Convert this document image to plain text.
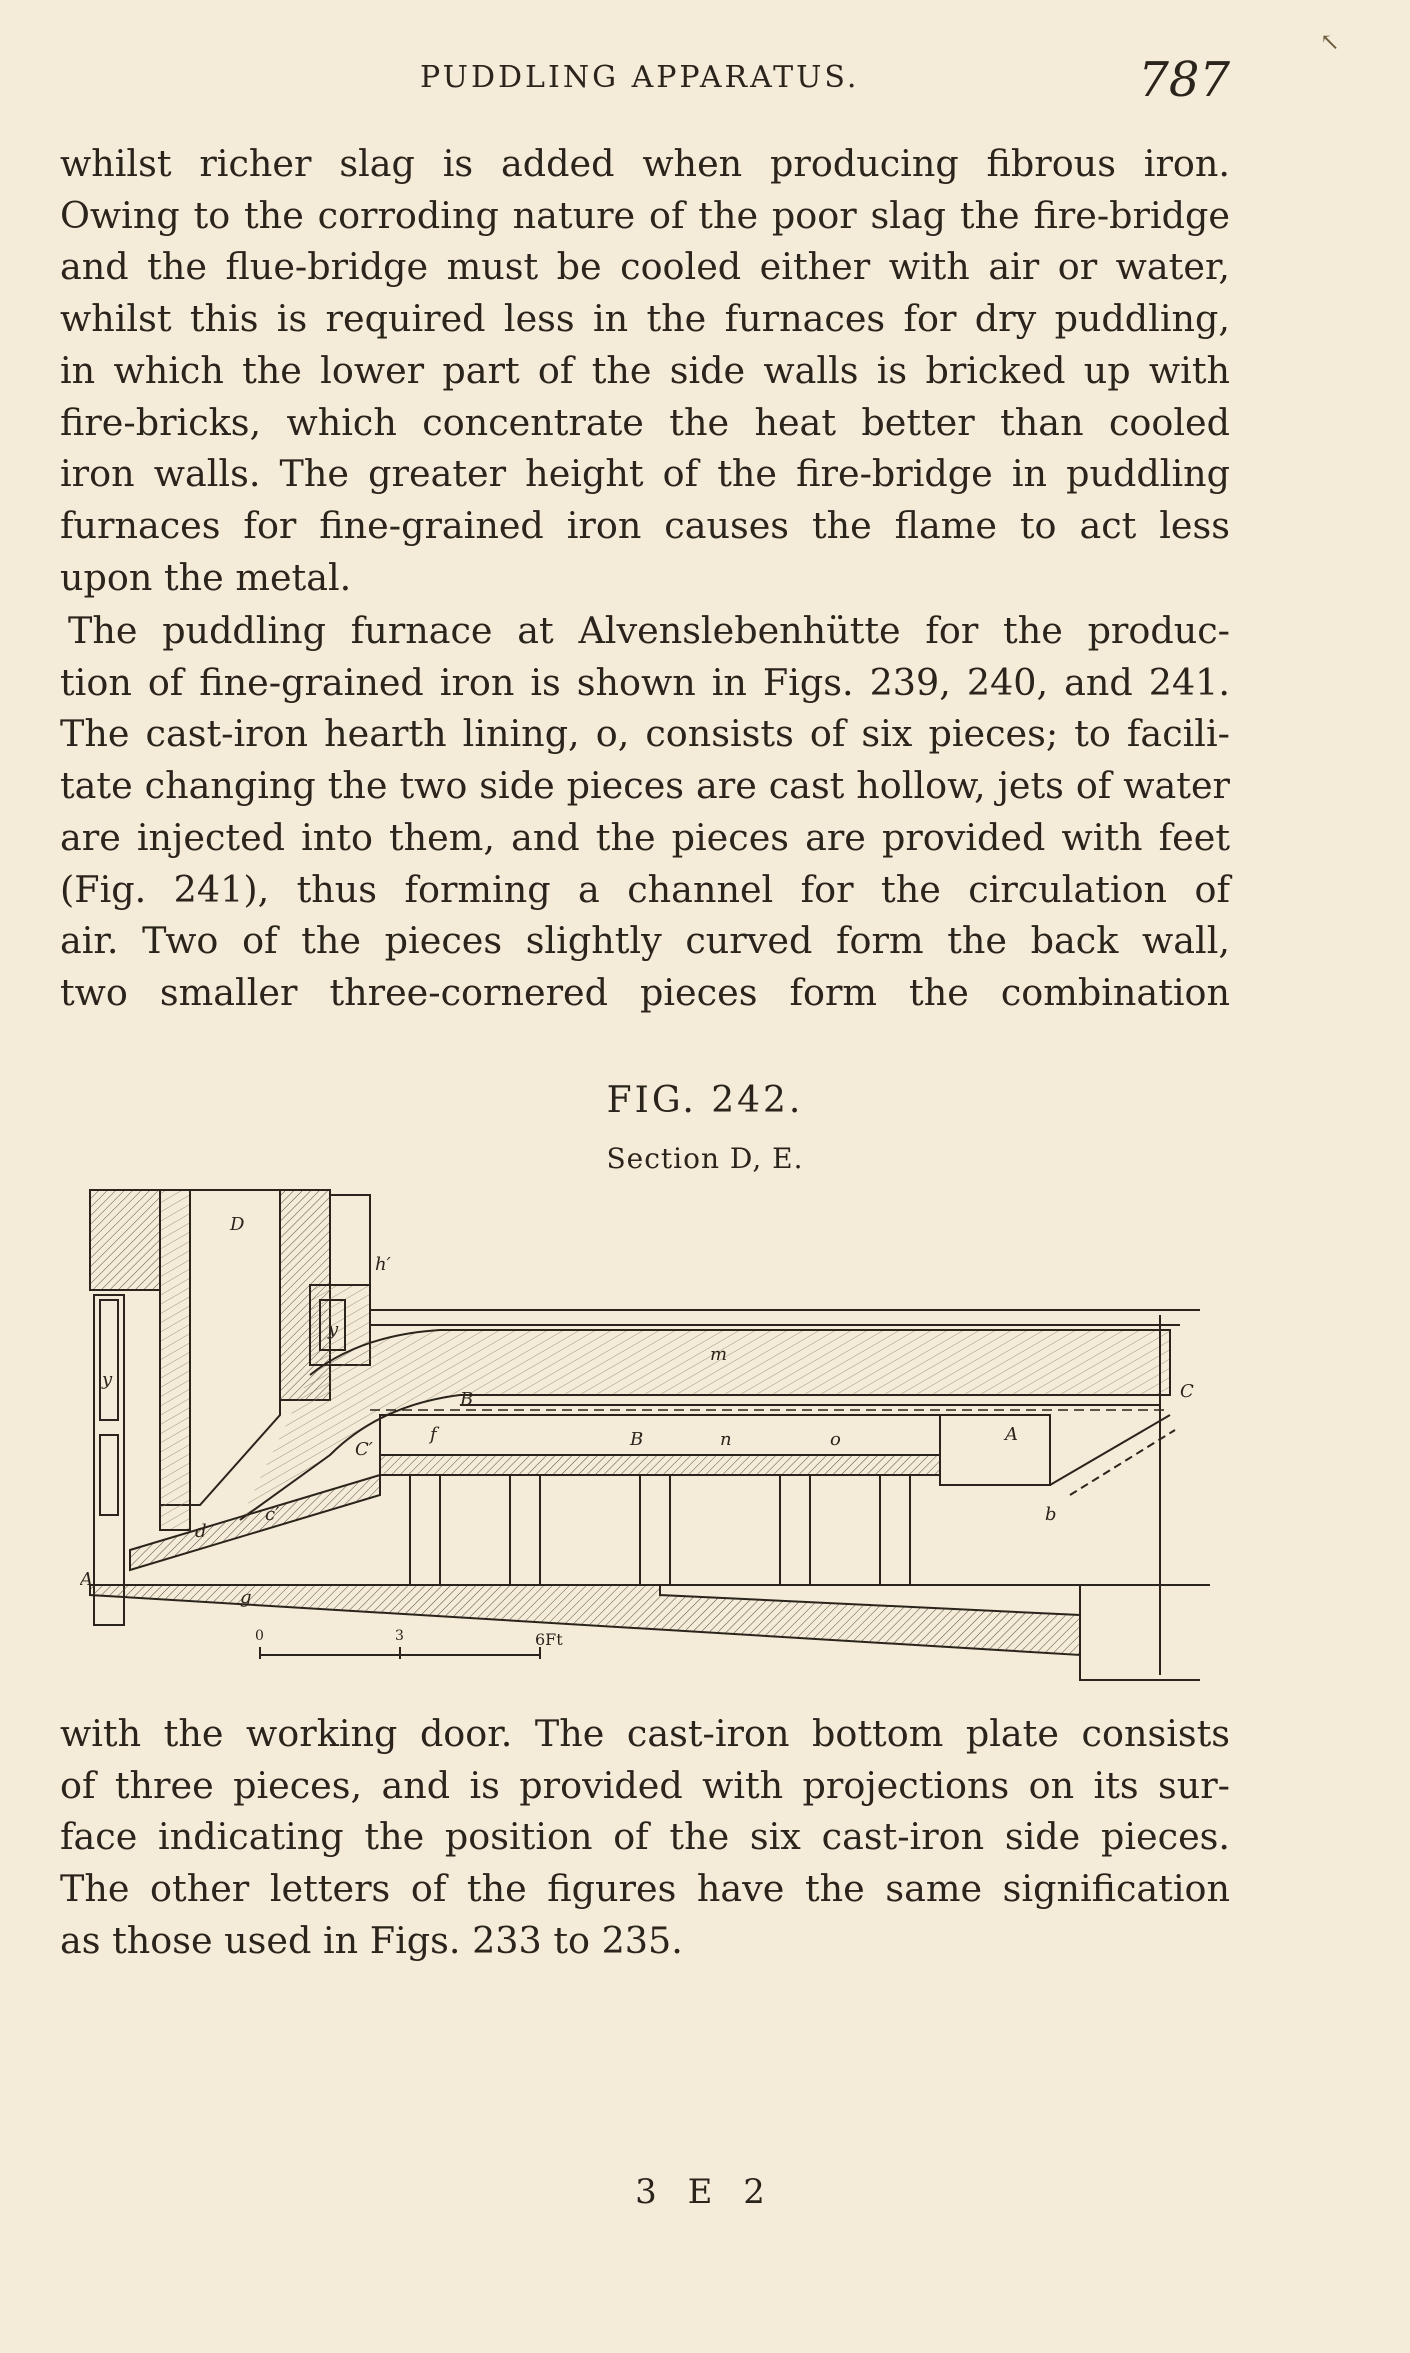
PUDDLING APPARATUS.	787
↖
whilst richer slag is added when producing fibrous iron.
Owing to the corroding nature of the poor slag the fire-bridge
and the flue-bridge must be cooled either with air or water,
whilst this is required less in the furnaces for dry puddling,
in which the lower part of the side walls is bricked up with
fire-bricks, which concentrate the heat better than cooled
iron walls. The greater height of the fire-bridge in puddling
furnaces for fine-grained iron causes the flame to act less
upon the metal.
The puddling furnace at Alvenslebenhütte for the produc-
tion of fine-grained iron is shown in Figs. 239, 240, and 241.
The cast-iron hearth lining, o, consists of six pieces; to facili-
tate changing the two side pieces are cast hollow, jets of water
are injected into them, and the pieces are provided with feet
(Fig. 241), thus forming a channel for the circulation of
air. Two of the pieces slightly curved form the back wall,
two smaller three-cornered pieces form the combination
FIG. 242.
Section D, E.
D
h′
y
m
B
y
C′
f	B	n	o	A
b
C
c′
d
A
g
0	3	6Ft
with the working door. The cast-iron bottom plate consists
of three pieces, and is provided with projections on its sur-
face indicating the position of the six cast-iron side pieces.
The other letters of the figures have the same signification
as those used in Figs. 233 to 235.
3 E 2
